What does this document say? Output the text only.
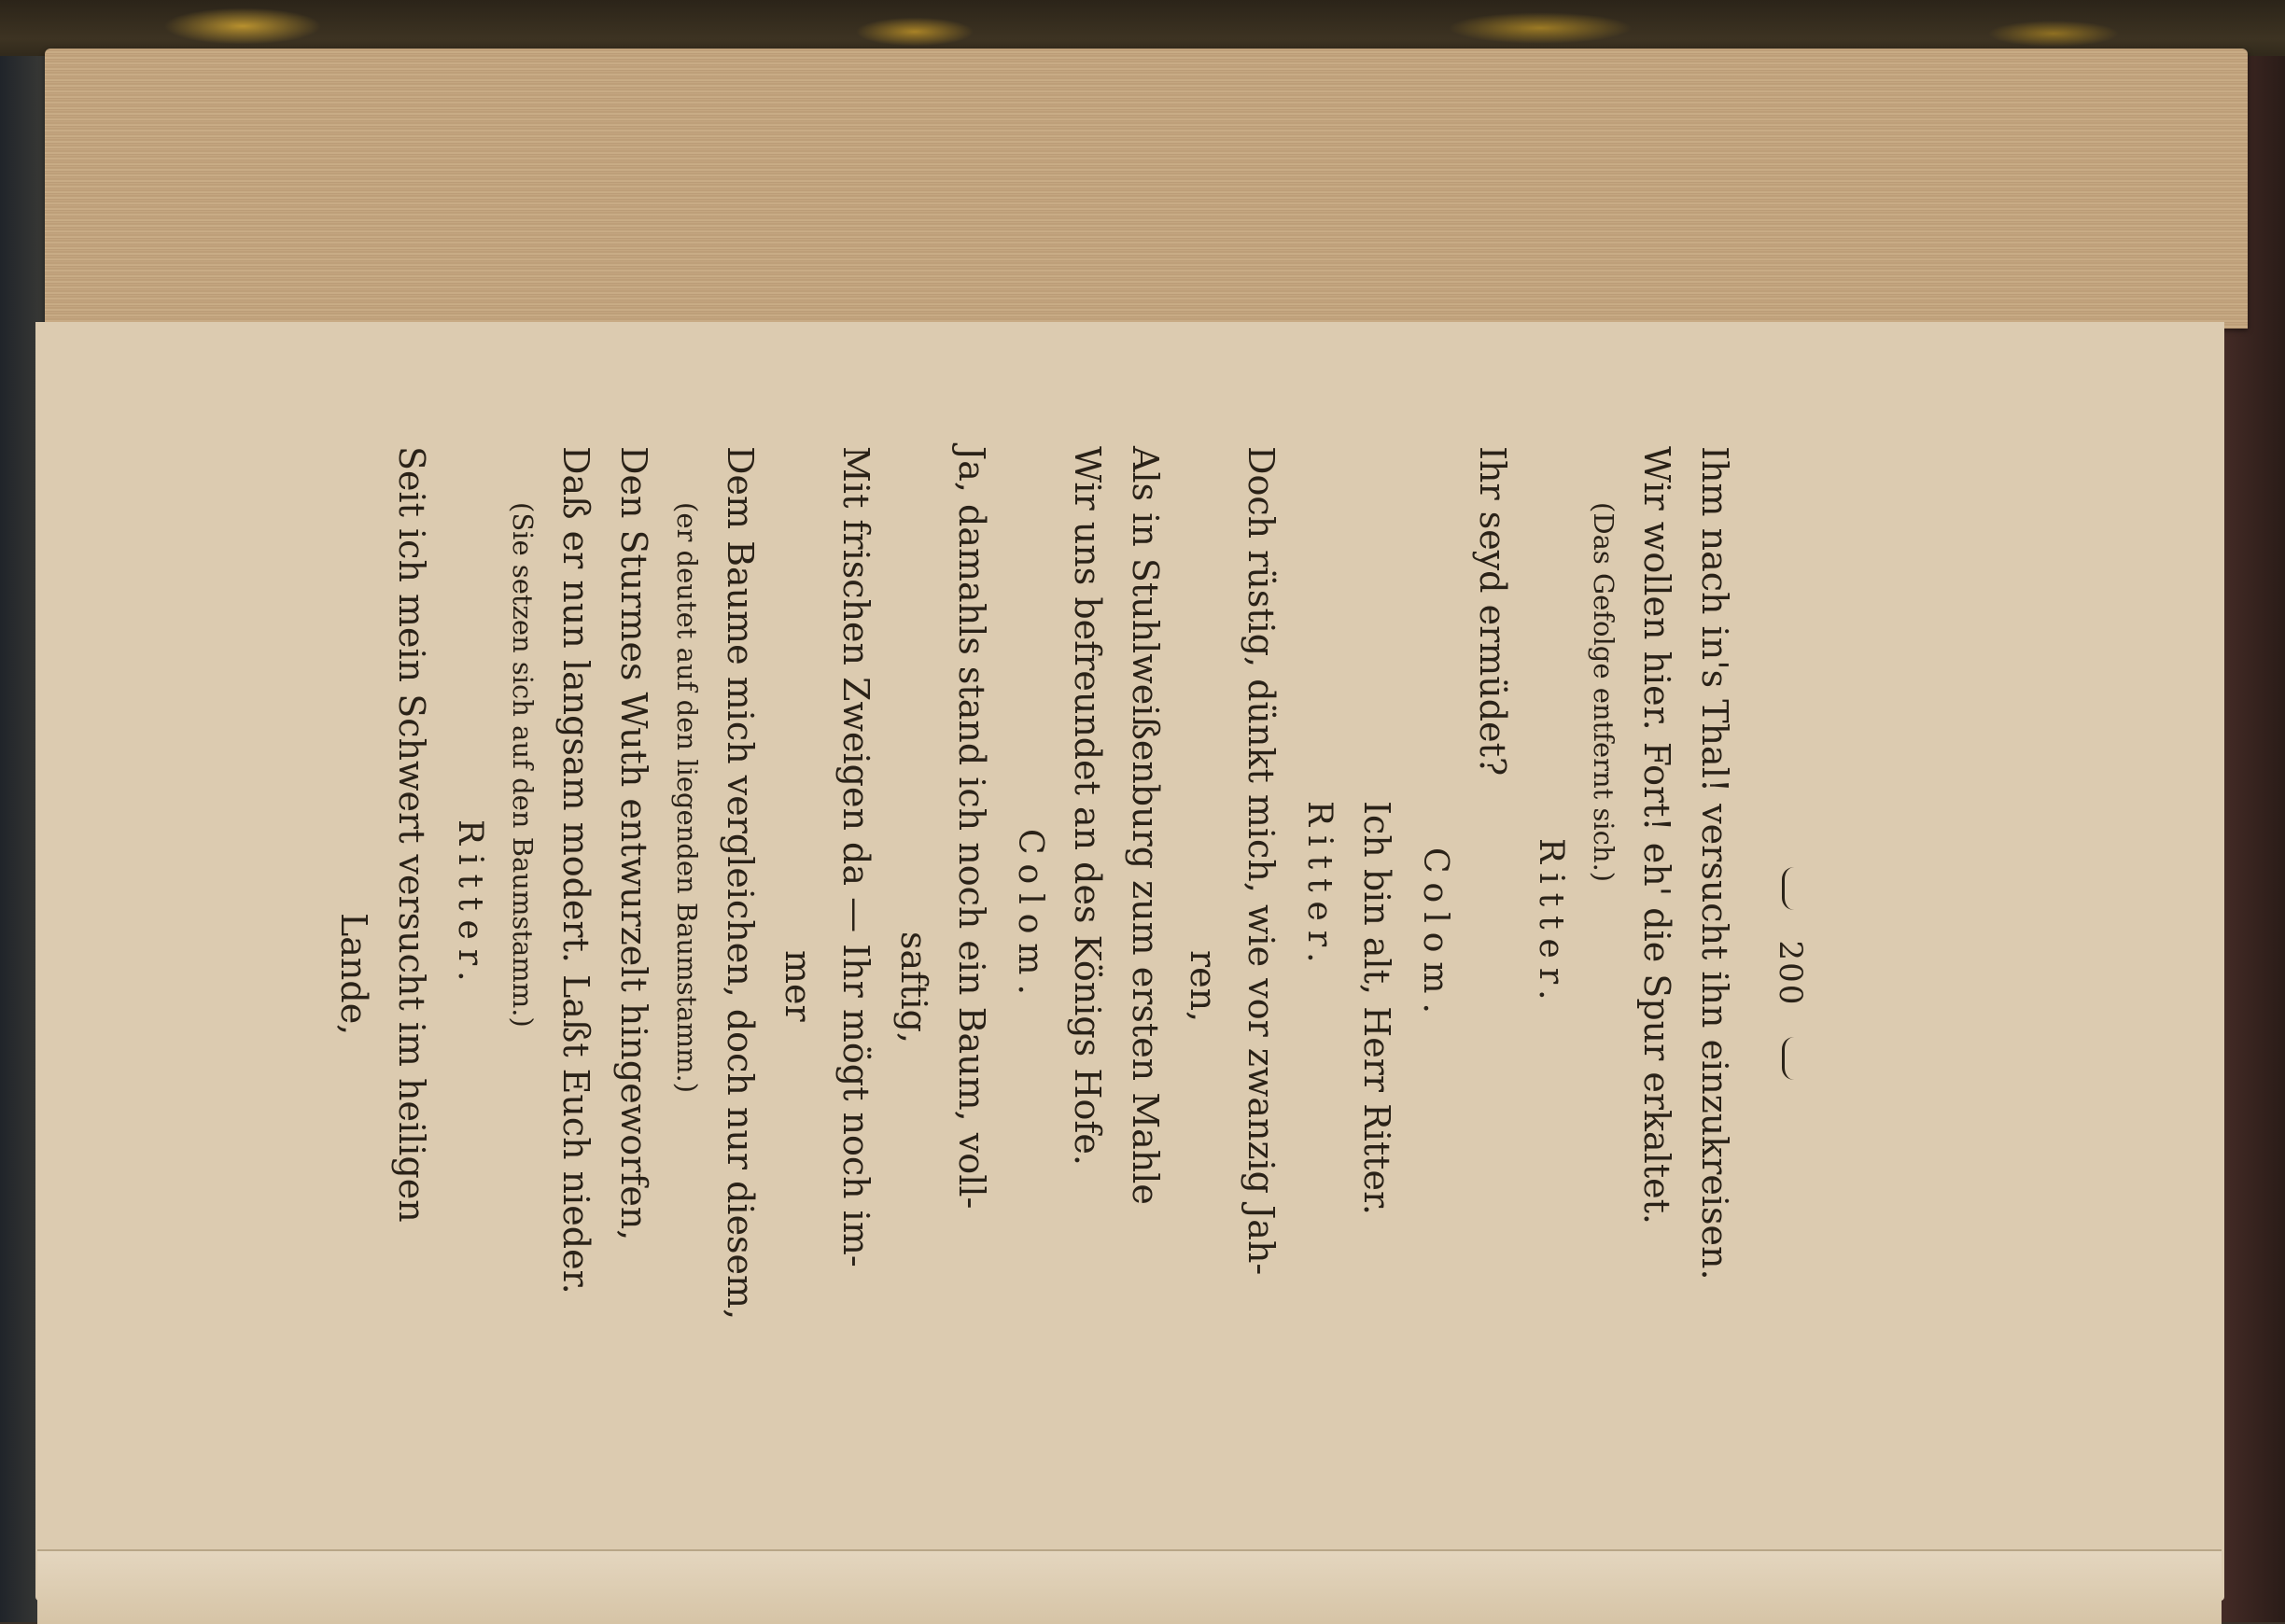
200
Ihm nach in's Thal! versucht ihn einzukreisen.
Wir wollen hier. Fort! eh' die Spur erkaltet.
(Das Gefolge entfernt sich.)
Ritter.
Ihr seyd ermüdet?
Colom.
Ich bin alt, Herr Ritter.
Ritter.
Doch rüstig, dünkt mich, wie vor zwanzig Jah-
ren,
Als in Stuhlweißenburg zum ersten Mahle
Wir uns befreundet an des Königs Hofe.
Colom.
Ja, damahls stand ich noch ein Baum, voll-
saftig,
Mit frischen Zweigen da — Ihr mögt noch im-
mer
Dem Baume mich vergleichen, doch nur diesem,
(er deutet auf den liegenden Baumstamm.)
Den Sturmes Wuth entwurzelt hingeworfen,
Daß er nun langsam modert. Laßt Euch nieder.
(Sie setzen sich auf den Baumstamm.)
Ritter.
Seit ich mein Schwert versucht im heiligen
Lande,
